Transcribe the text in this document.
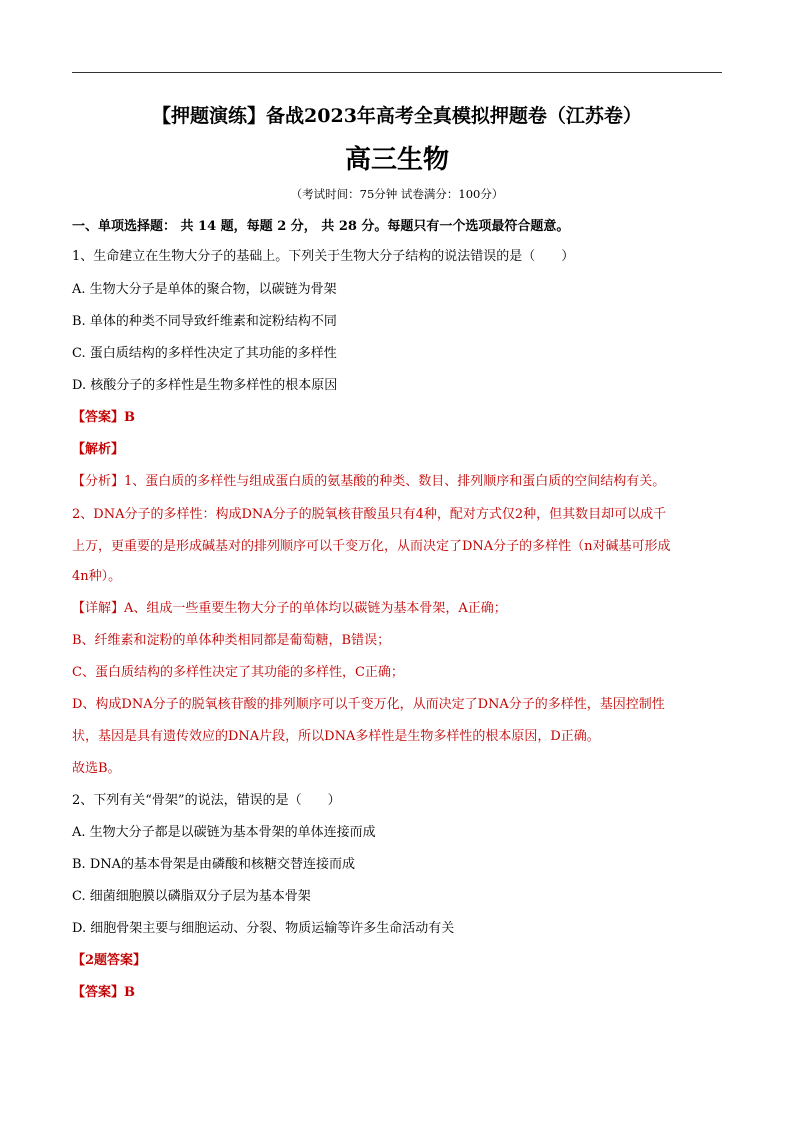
【押题演练】备战2023年高考全真模拟押题卷（江苏卷）
高三生物
（考试时间：75分钟 试卷满分：100分）
一、单项选择题： 共 14 题，每题 2 分， 共 28 分。每题只有一个选项最符合题意。
1、生命建立在生物大分子的基础上。下列关于生物大分子结构的说法错误的是（　　）
A. 生物大分子是单体的聚合物，以碳链为骨架
B. 单体的种类不同导致纤维素和淀粉结构不同
C. 蛋白质结构的多样性决定了其功能的多样性
D. 核酸分子的多样性是生物多样性的根本原因
【答案】B
【解析】
【分析】1、蛋白质的多样性与组成蛋白质的氨基酸的种类、数目、排列顺序和蛋白质的空间结构有关。
2、DNA分子的多样性：构成DNA分子的脱氧核苷酸虽只有4种，配对方式仅2种，但其数目却可以成千
上万，更重要的是形成碱基对的排列顺序可以千变万化，从而决定了DNA分子的多样性（n对碱基可形成
4n种）。
【详解】A、组成一些重要生物大分子的单体均以碳链为基本骨架，A正确；
B、纤维素和淀粉的单体种类相同都是葡萄糖，B错误；
C、蛋白质结构的多样性决定了其功能的多样性，C正确；
D、构成DNA分子的脱氧核苷酸的排列顺序可以千变万化，从而决定了DNA分子的多样性，基因控制性
状，基因是具有遗传效应的DNA片段，所以DNA多样性是生物多样性的根本原因，D正确。
故选B。
2、下列有关“骨架”的说法，错误的是（　　）
A. 生物大分子都是以碳链为基本骨架的单体连接而成
B. DNA的基本骨架是由磷酸和核糖交替连接而成
C. 细菌细胞膜以磷脂双分子层为基本骨架
D. 细胞骨架主要与细胞运动、分裂、物质运输等许多生命活动有关
【2题答案】
【答案】B
